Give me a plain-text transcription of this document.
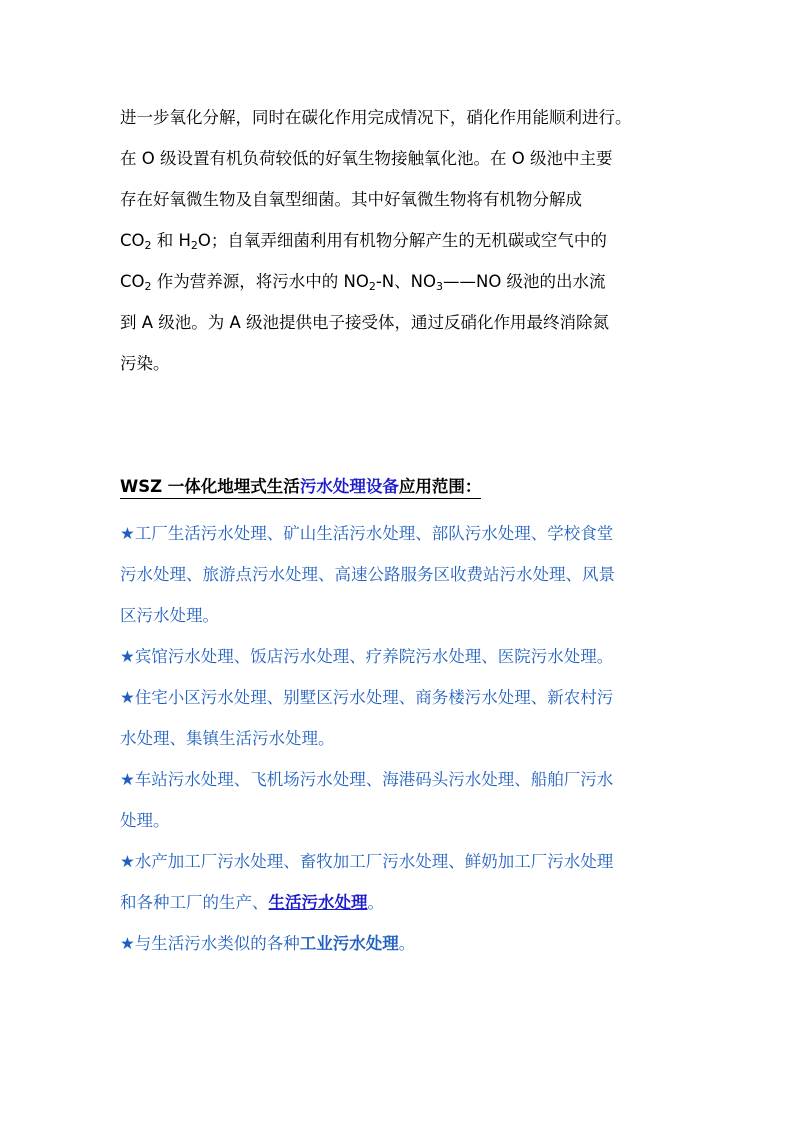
进一步氧化分解，同时在碳化作用完成情况下，硝化作用能顺利进行。
在 O 级设置有机负荷较低的好氧生物接触氧化池。在 O 级池中主要
存在好氧微生物及自氧型细菌。其中好氧微生物将有机物分解成
$CO_2$ 和 $H_2O$；自氧弄细菌利用有机物分解产生的无机碳或空气中的
$CO_2$ 作为营养源，将污水中的 $NO_2-N$、$NO_3——NO$ 级池的出水流
到 A 级池。为 A 级池提供电子接受体，通过反硝化作用最终消除氮
污染。
WSZ 一体化地埋式生活污水处理设备应用范围：
★工厂生活污水处理、矿山生活污水处理、部队污水处理、学校食堂
污水处理、旅游点污水处理、高速公路服务区收费站污水处理、风景
区污水处理。
★宾馆污水处理、饭店污水处理、疗养院污水处理、医院污水处理。
★住宅小区污水处理、别墅区污水处理、商务楼污水处理、新农村污
水处理、集镇生活污水处理。
★车站污水处理、飞机场污水处理、海港码头污水处理、船舶厂污水
处理。
★水产加工厂污水处理、畜牧加工厂污水处理、鲜奶加工厂污水处理
和各种工厂的生产、生活污水处理。
★与生活污水类似的各种工业污水处理。
